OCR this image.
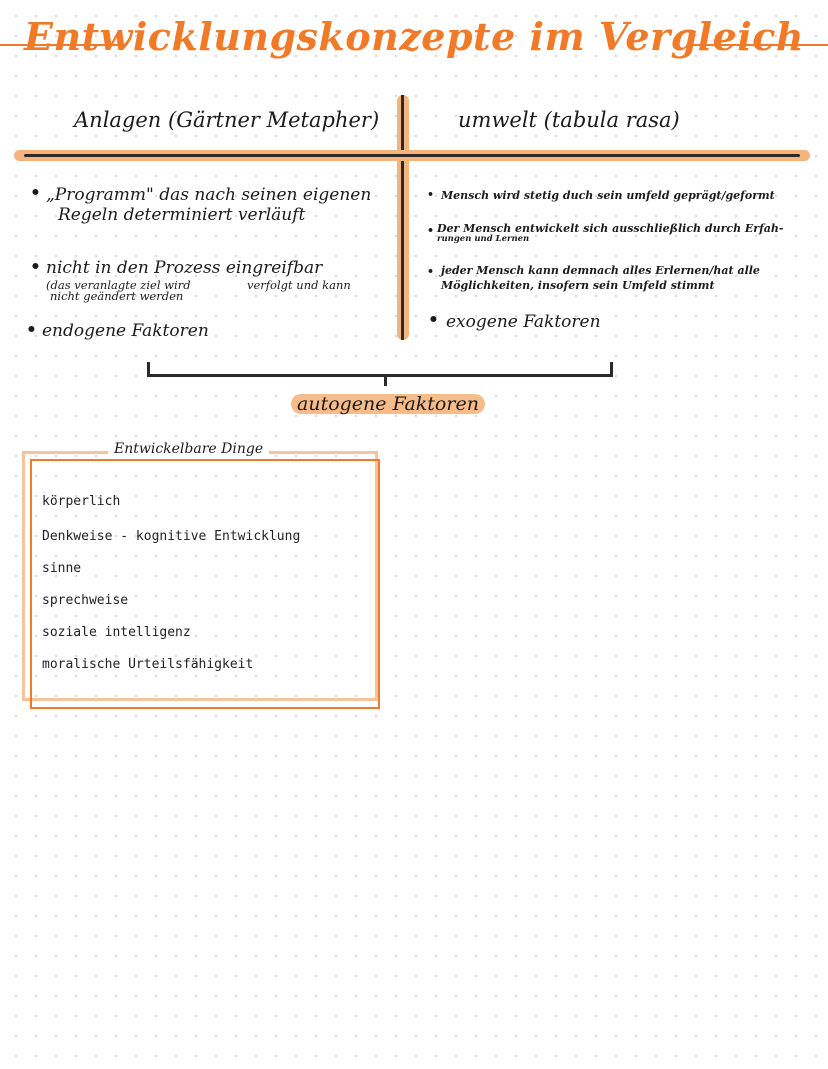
Entwicklungskonzepte im Vergleich
Anlagen (Gärtner Metapher)	umwelt (tabula rasa)
• „Programm" das nach seinen eigenen
Regeln determiniert verläuft
• nicht in den Prozess eingreifbar
(das veranlagte ziel wird	verfolgt und kann
nicht geändert werden
• endogene Faktoren
• Mensch wird stetig duch sein umfeld geprägt/geformt
• Der Mensch entwickelt sich ausschließlich durch Erfah-
rungen und Lernen
• jeder Mensch kann demnach alles Erlernen/hat alle
Möglichkeiten, insofern sein Umfeld stimmt
• exogene Faktoren
autogene Faktoren
Entwickelbare Dinge
körperlich
Denkweise - kognitive Entwicklung
sinne
sprechweise
soziale intelligenz
moralische Urteilsfähigkeit
